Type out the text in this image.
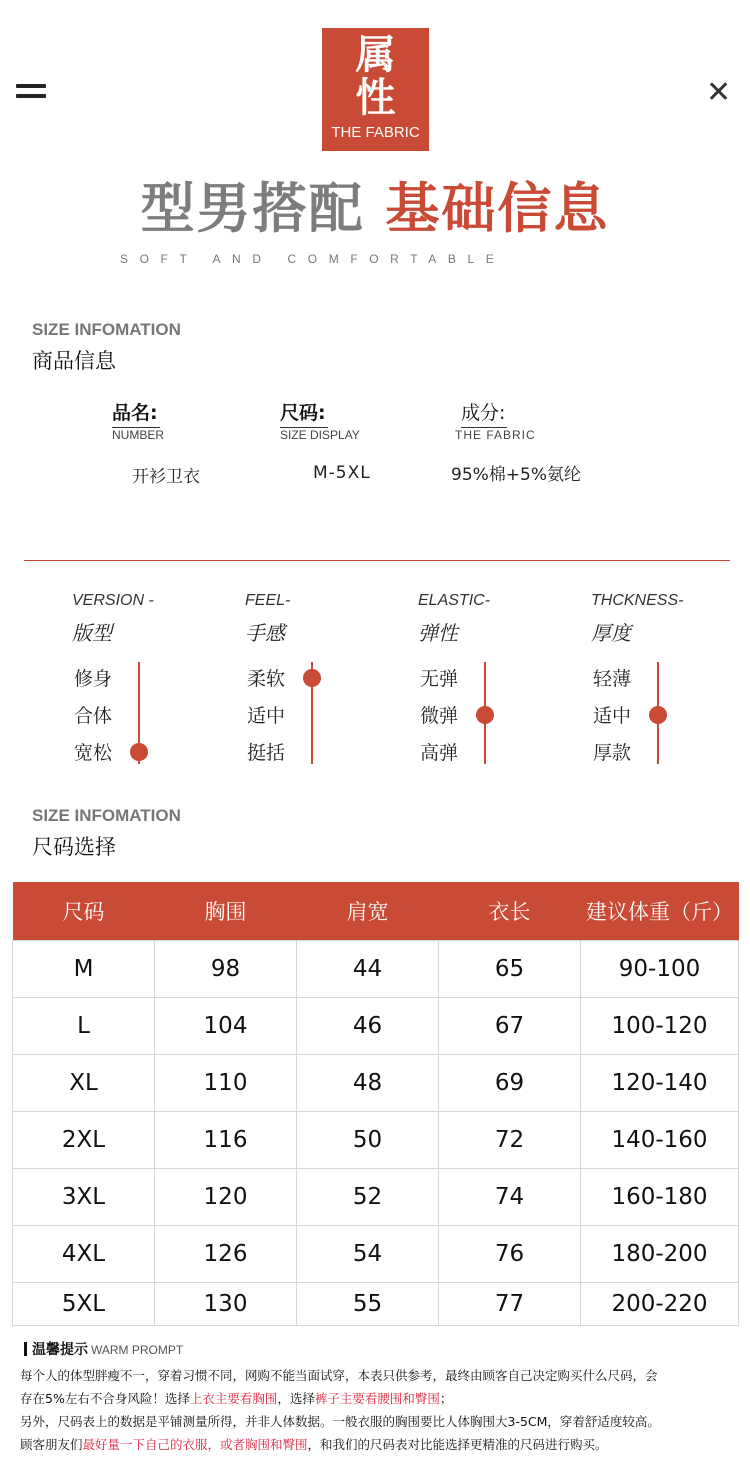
✕
属
性
THE FABRIC
型男搭配 基础信息
SOFT AND COMFORTABLE
SIZE INFOMATION
商品信息
品名:
NUMBER
开衫卫衣
尺码:
SIZE DISPLAY
M-5XL
成分:
THE FABRIC
95%棉+5%氨纶
VERSION -
版型
修身
合体
宽松
FEEL-
手感
柔软
适中
挺括
ELASTIC-
弹性
无弹
微弹
高弹
THCKNESS-
厚度
轻薄
适中
厚款
SIZE INFOMATION
尺码选择
尺码	胸围	肩宽	衣长	建议体重（斤）
M	98	44	65	90-100
L	104	46	67	100-120
XL	110	48	69	120-140
2XL	116	50	72	140-160
3XL	120	52	74	160-180
4XL	126	54	76	180-200
5XL	130	55	77	200-220
温馨提示 WARM PROMPT
每个人的体型胖瘦不一，穿着习惯不同，网购不能当面试穿，本表只供参考，最终由顾客自己决定购买什么尺码，会
存在5%左右不合身风险！选择上衣主要看胸围，选择裤子主要看腰围和臀围；
另外，尺码表上的数据是平铺测量所得，并非人体数据。一般衣服的胸围要比人体胸围大3-5CM，穿着舒适度较高。
顾客朋友们最好量一下自己的衣服，或者胸围和臀围，和我们的尺码表对比能选择更精准的尺码进行购买。
